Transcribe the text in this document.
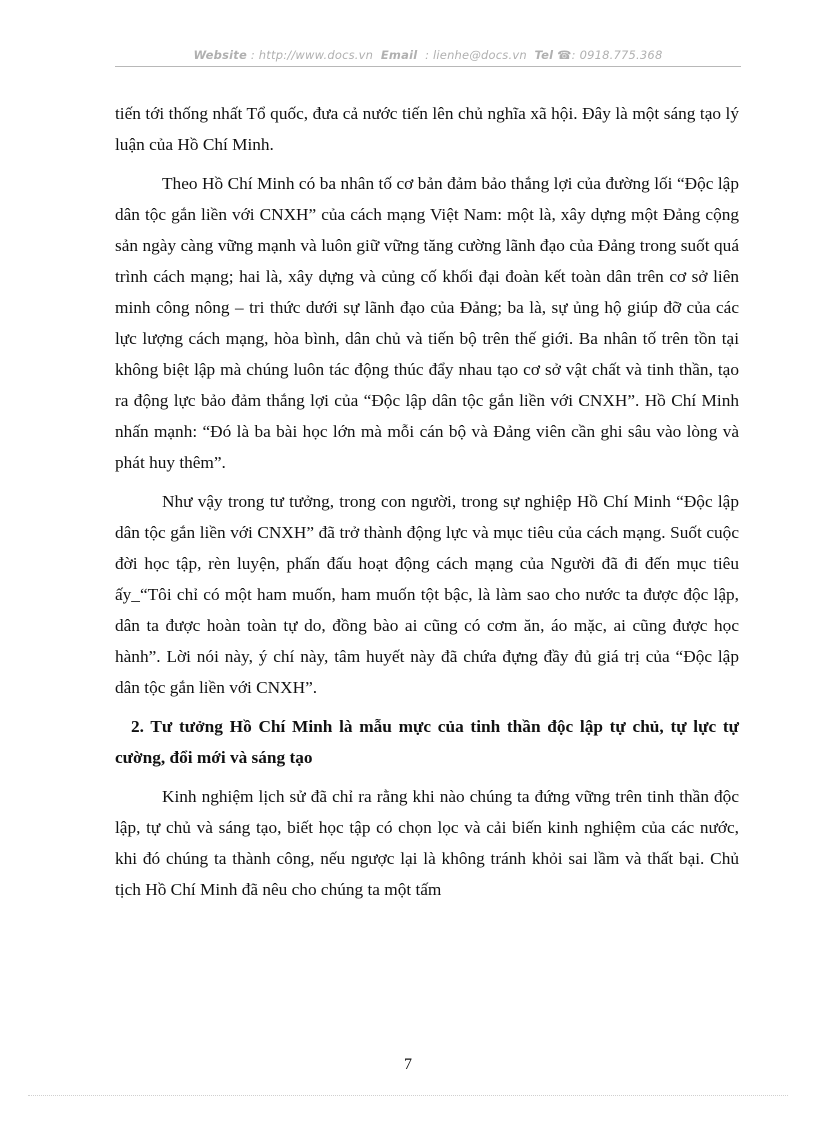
Website : http://www.docs.vn Email : lienhe@docs.vn Tel ☎: 0918.775.368

tiến tới thống nhất Tổ quốc, đưa cả nước tiến lên chủ nghĩa xã hội. Đây là một sáng tạo lý luận của Hồ Chí Minh.

Theo Hồ Chí Minh có ba nhân tố cơ bản đảm bảo thắng lợi của đường lối “Độc lập dân tộc gắn liền với CNXH” của cách mạng Việt Nam: một là, xây dựng một Đảng cộng sản ngày càng vững mạnh và luôn giữ vững tăng cường lãnh đạo của Đảng trong suốt quá trình cách mạng; hai là, xây dựng và củng cố khối đại đoàn kết toàn dân trên cơ sở liên minh công nông – tri thức dưới sự lãnh đạo của Đảng; ba là, sự ủng hộ giúp đỡ của các lực lượng cách mạng, hòa bình, dân chủ và tiến bộ trên thế giới. Ba nhân tố trên tồn tại không biệt lập mà chúng luôn tác động thúc đẩy nhau tạo cơ sở vật chất và tinh thần, tạo ra động lực bảo đảm thắng lợi của “Độc lập dân tộc gắn liền với CNXH”. Hồ Chí Minh nhấn mạnh: “Đó là ba bài học lớn mà mỗi cán bộ và Đảng viên cần ghi sâu vào lòng và phát huy thêm”.

Như vậy trong tư tưởng, trong con người, trong sự nghiệp Hồ Chí Minh “Độc lập dân tộc gắn liền với CNXH” đã trở thành động lực và mục tiêu của cách mạng. Suốt cuộc đời học tập, rèn luyện, phấn đấu hoạt động cách mạng của Người đã đi đến mục tiêu ấy_“Tôi chỉ có một ham muốn, ham muốn tột bậc, là làm sao cho nước ta được độc lập, dân ta được hoàn toàn tự do, đồng bào ai cũng có cơm ăn, áo mặc, ai cũng được học hành”. Lời nói này, ý chí này, tâm huyết này đã chứa đựng đầy đủ giá trị của “Độc lập dân tộc gắn liền với CNXH”.

2. Tư tưởng Hồ Chí Minh là mẫu mực của tinh thần độc lập tự chủ, tự lực tự cường, đổi mới và sáng tạo

Kinh nghiệm lịch sử đã chỉ ra rằng khi nào chúng ta đứng vững trên tinh thần độc lập, tự chủ và sáng tạo, biết học tập có chọn lọc và cải biến kinh nghiệm của các nước, khi đó chúng ta thành công, nếu ngược lại là không tránh khỏi sai lầm và thất bại. Chủ tịch Hồ Chí Minh đã nêu cho chúng ta một tấm

7
